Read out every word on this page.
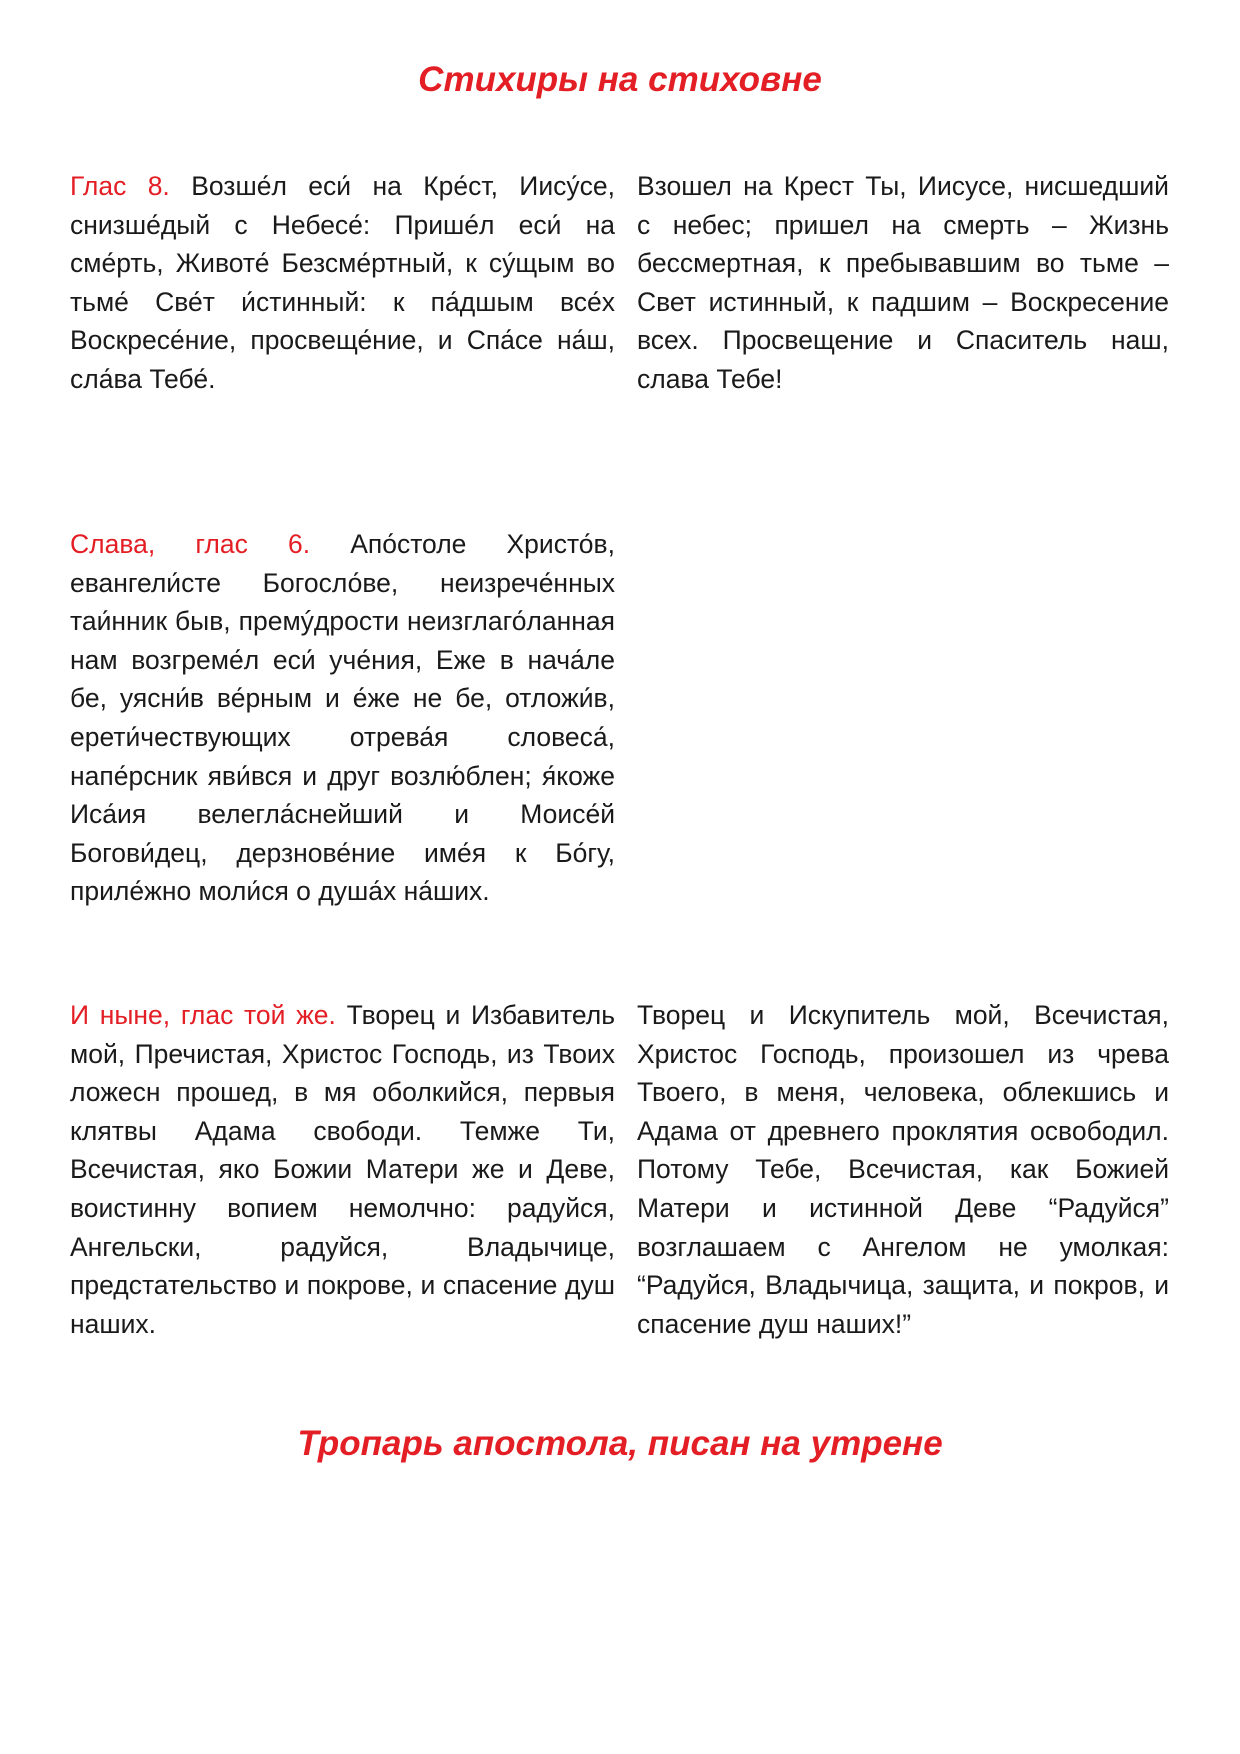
Стихиры на стиховне

Глас 8. Возше́л еси́ на Кре́ст, Иису́се, снизше́дый с Небесе́: Пришéл еси́ на сме́рть, Животе́ Безсме́ртный, к су́щым во тьме́ Све́т и́стинный: к па́дшым все́х Воскресе́ние, просвеще́ние, и Спа́се на́ш, сла́ва Тебе́.

Взошел на Крест Ты, Иисусе, нисшедший с небес; пришел на смерть – Жизнь бессмертная, к пребывавшим во тьме – Свет истинный, к падшим – Воскресение всех. Просвещение и Спаситель наш, слава Тебе!

Слава, глас 6. Апо́столе Христо́в, евангели́сте Богосло́ве, неизрече́нных таи́нник быв, премýдрости неизглаго́ланная нам возгреме́л еси́ уче́ния, Еже в нача́ле бе, уясни́в ве́рным и е́же не бе, отложи́в, ерети́чествующих отрева́я словеса́, напе́рсник яви́вся и друг возлю́блен; я́коже Иса́ия велегла́снейший и Моисе́й Богови́дец, дерзнове́ние име́я к Бо́гу, приле́жно моли́ся о душа́х на́ших.

И ныне, глас той же. Творец и Избавитель мой, Пречистая, Христос Господь, из Твоих ложесн прошед, в мя оболкийся, первыя клятвы Адама свободи. Темже Ти, Всечистая, яко Божии Матери же и Деве, воистинну вопием немолчно: радуйся, Ангельски, радуйся, Владычице, предстательство и покрове, и спасение душ наших.

Творец и Искупитель мой, Всечистая, Христос Господь, произошел из чрева Твоего, в меня, человека, облекшись и Адама от древнего проклятия освободил. Потому Тебе, Всечистая, как Божией Матери и истинной Деве “Радуйся” возглашаем с Ангелом не умолкая: “Радуйся, Владычица, защита, и покров, и спасение душ наших!”

Тропарь апостола, писан на утрене
